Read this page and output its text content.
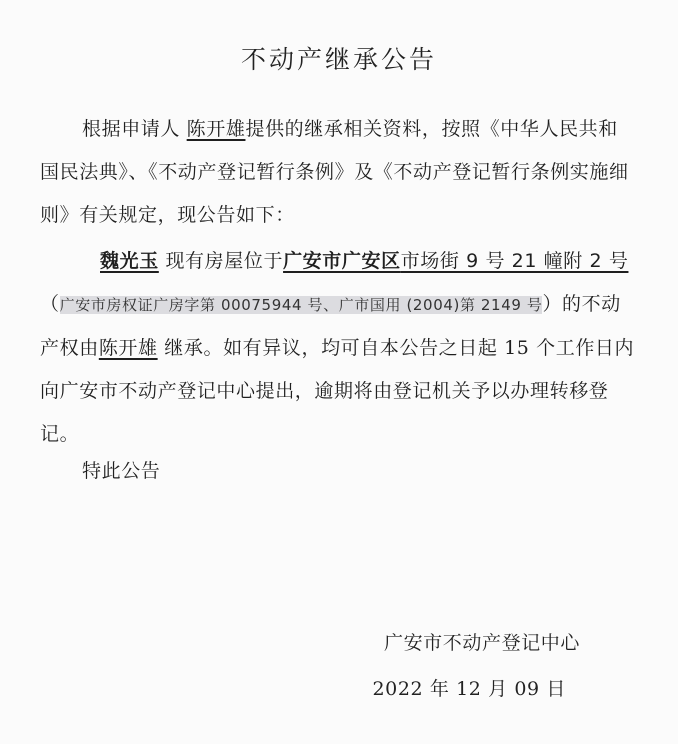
不动产继承公告
根据申请人 陈开雄提供的继承相关资料，按照《中华人民共和国民法典》、《不动产登记暂行条例》及《不动产登记暂行条例实施细则》有关规定，现公告如下：
魏光玉 现有房屋位于广安市广安区市场街 9 号 21 幢附 2 号（广安市房权证广房字第 00075944 号、广市国用 (2004)第 2149 号）的不动产权由陈开雄 继承。如有异议，均可自本公告之日起 15 个工作日内向广安市不动产登记中心提出，逾期将由登记机关予以办理转移登记。
特此公告
广安市不动产登记中心
2022 年 12 月 09 日
